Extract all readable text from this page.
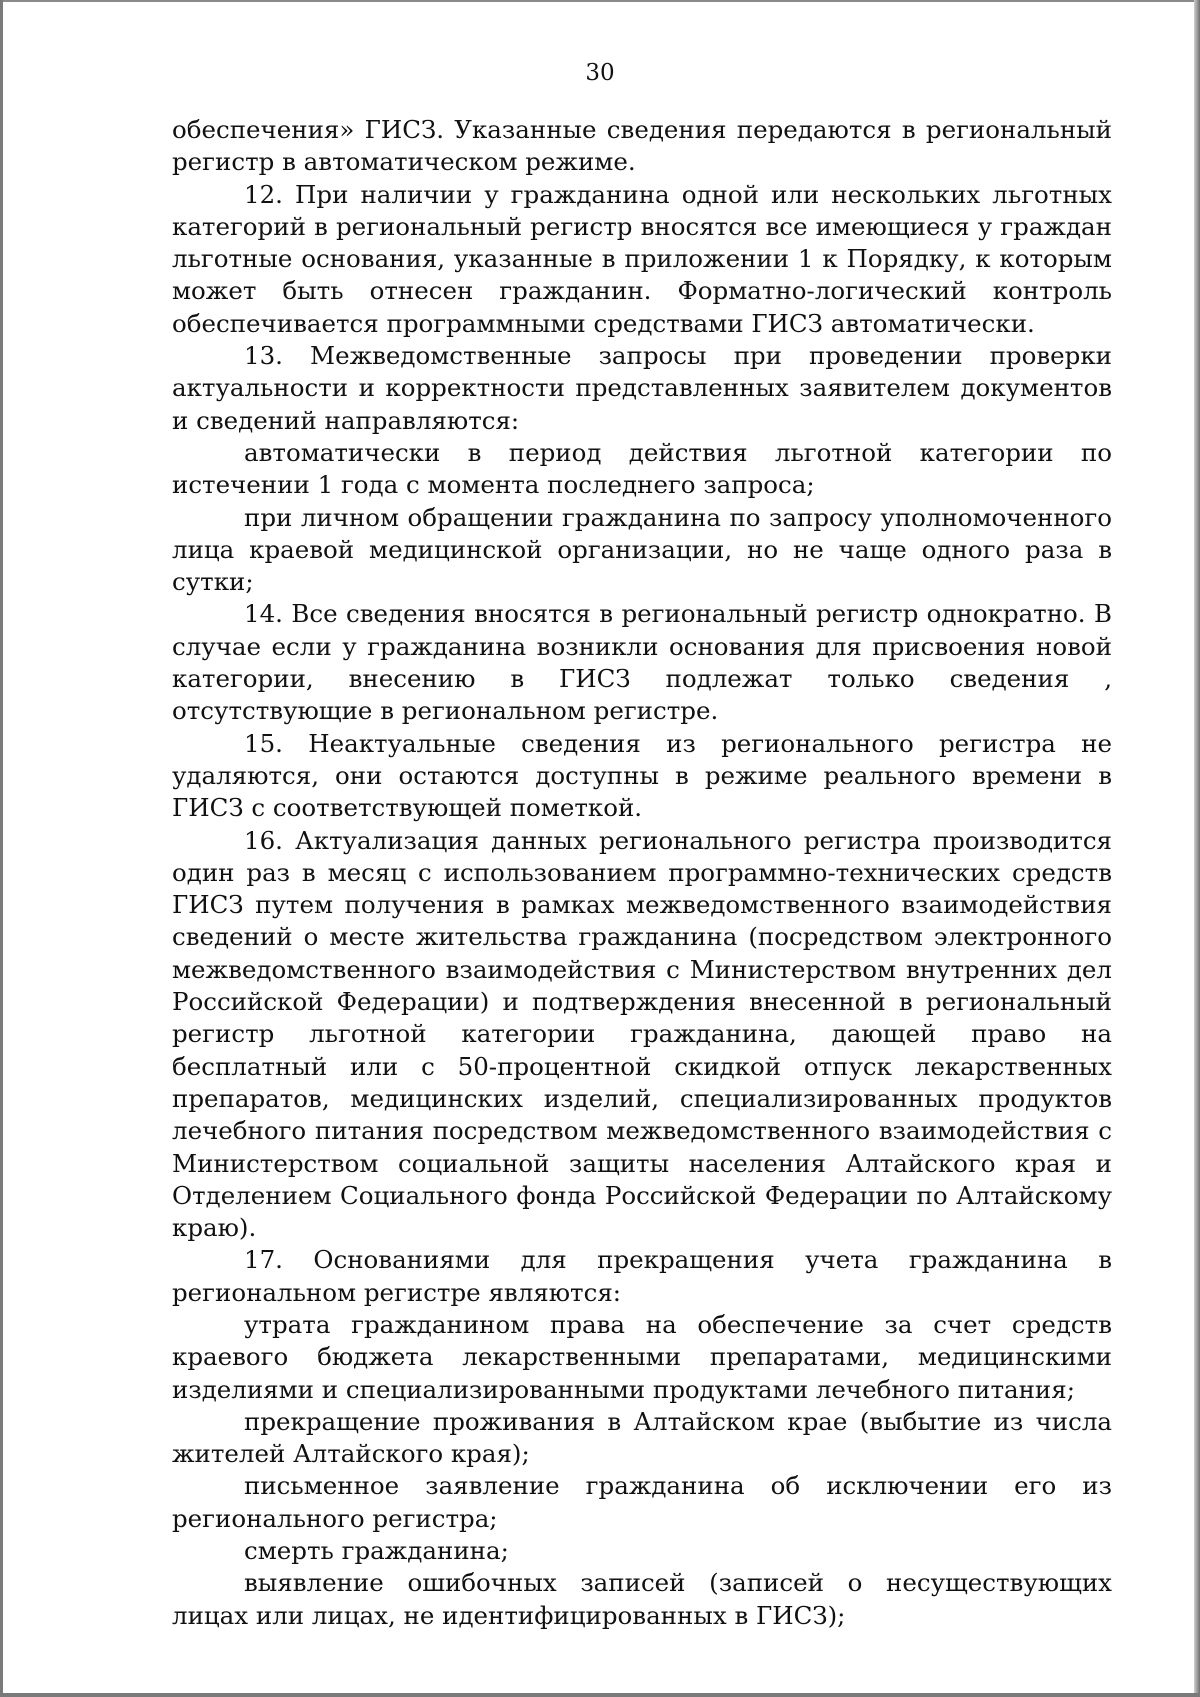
30

обеспечения» ГИСЗ. Указанные сведения передаются в региональный регистр в автоматическом режиме.

12. При наличии у гражданина одной или нескольких льготных категорий в региональный регистр вносятся все имеющиеся у граждан льготные основания, указанные в приложении 1 к Порядку, к которым может быть отнесен гражданин. Форматно-логический контроль обеспечивается программными средствами ГИСЗ автоматически.

13. Межведомственные запросы при проведении проверки актуальности и корректности представленных заявителем документов и сведений направляются:

автоматически в период действия льготной категории по истечении 1 года с момента последнего запроса;

при личном обращении гражданина по запросу уполномоченного лица краевой медицинской организации, но не чаще одного раза в сутки;

14. Все сведения вносятся в региональный регистр однократно. В случае если у гражданина возникли основания для присвоения новой категории, внесению в ГИСЗ подлежат только сведения , отсутствующие в региональном регистре.

15. Неактуальные сведения из регионального регистра не удаляются, они остаются доступны в режиме реального времени в ГИСЗ с соответствующей пометкой.

16. Актуализация данных регионального регистра производится один раз в месяц с использованием программно-технических средств ГИСЗ путем получения в рамках межведомственного взаимодействия сведений о месте жительства гражданина (посредством электронного межведомственного взаимодействия с Министерством внутренних дел Российской Федерации) и подтверждения внесенной в региональный регистр льготной категории гражданина, дающей право на бесплатный или с 50-процентной скидкой отпуск лекарственных препаратов, медицинских изделий, специализированных продуктов лечебного питания посредством межведомственного взаимодействия с Министерством социальной защиты населения Алтайского края и Отделением Социального фонда Российской Федерации по Алтайскому краю).

17. Основаниями для прекращения учета гражданина в региональном регистре являются:

утрата гражданином права на обеспечение за счет средств краевого бюджета лекарственными препаратами, медицинскими изделиями и специализированными продуктами лечебного питания;

прекращение проживания в Алтайском крае (выбытие из числа жителей Алтайского края);

письменное заявление гражданина об исключении его из регионального регистра;

смерть гражданина;

выявление ошибочных записей (записей о несуществующих лицах или лицах, не идентифицированных в ГИСЗ);
